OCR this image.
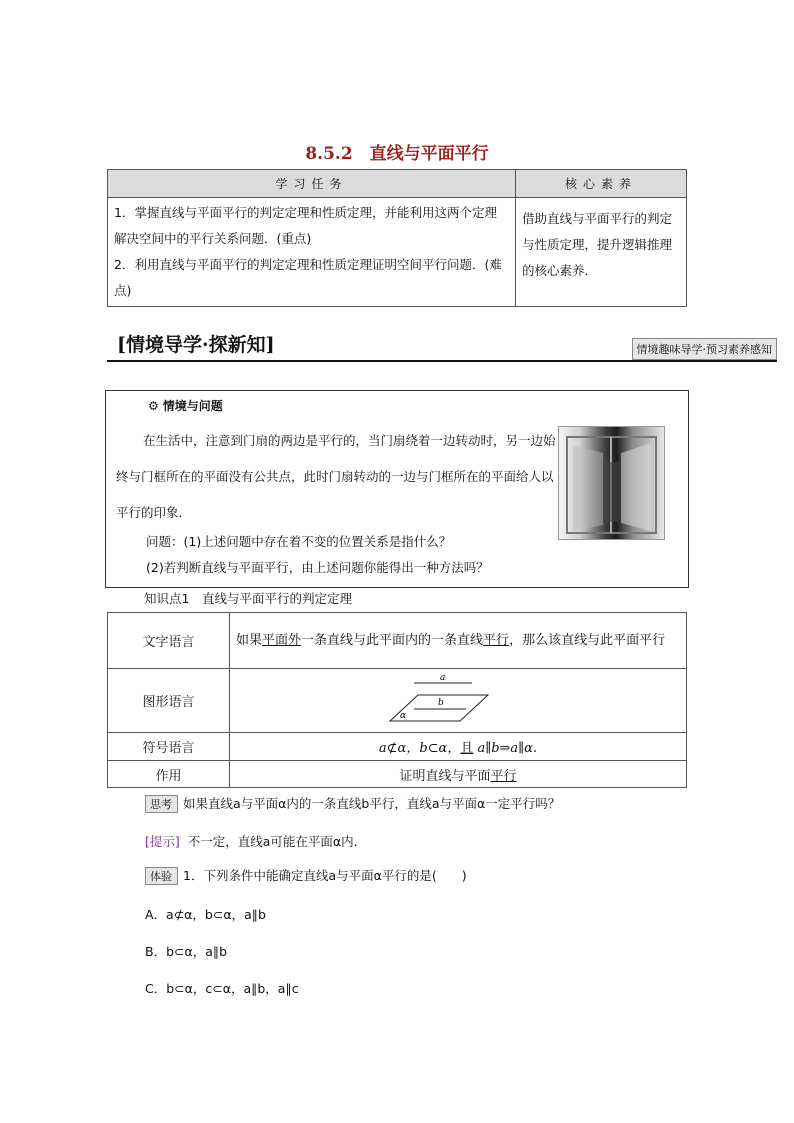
8.5.2　直线与平面平行
学习任务	核心素养

1．掌握直线与平面平行的判定定理和性质定理，并能利用这两个定理解决空间中的平行关系问题．(重点)

2．利用直线与平面平行的判定定理和性质定理证明空间平行问题．(难点)	借助直线与平面平行的判定与性质定理，提升逻辑推理的核心素养．
[情境导学·探新知]	情境趣味导学·预习素养感知
⚙ 情境与问题
在生活中，注意到门扇的两边是平行的，当门扇绕着一边转动时，另一边始终与门框所在的平面没有公共点，此时门扇转动的一边与门框所在的平面给人以平行的印象．
问题：(1)上述问题中存在着不变的位置关系是指什么？
(2)若判断直线与平面平行，由上述问题你能得出一种方法吗？
知识点1　直线与平面平行的判定定理
文字语言	如果平面外一条直线与此平面内的一条直线平行，那么该直线与此平面平行
图形语言	a
b
α

符号语言	a⊄α，b⊂α，且 a∥b⇒a∥α.
作用	证明直线与平面平行
思考 如果直线a与平面α内的一条直线b平行，直线a与平面α一定平行吗？
[提示] 不一定，直线a可能在平面α内．
体验 1．下列条件中能确定直线a与平面α平行的是(　　)
A．a⊄α，b⊂α，a∥b
B．b⊂α，a∥b
C．b⊂α，c⊂α，a∥b，a∥c
